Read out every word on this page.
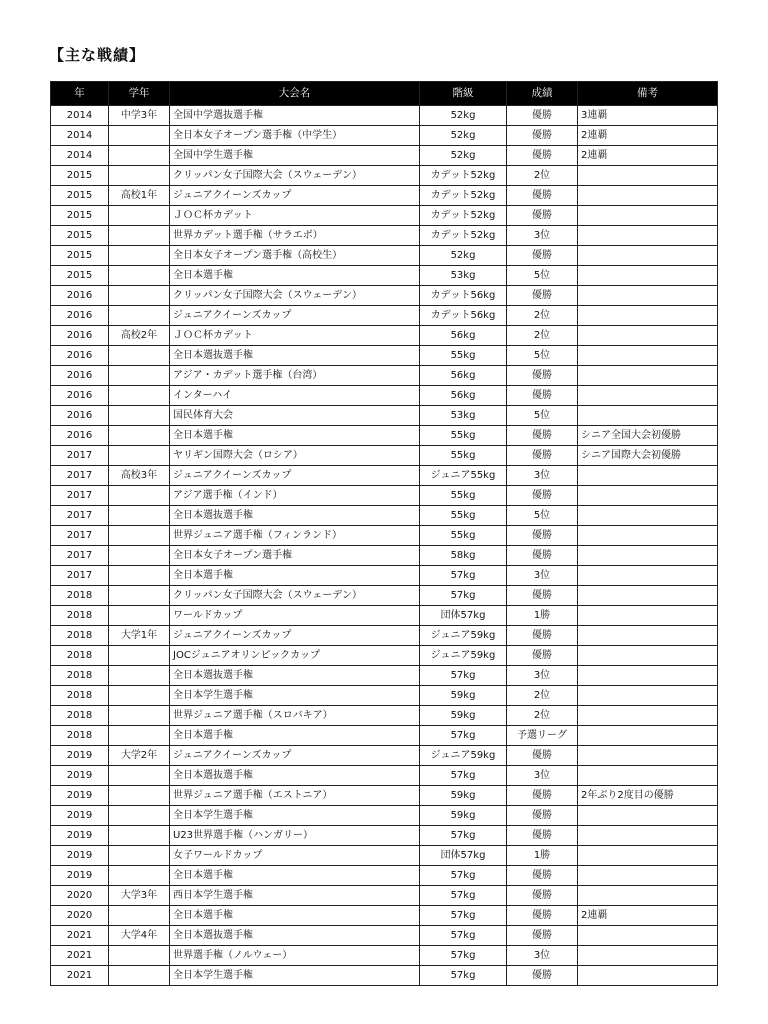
【主な戦績】
年	学年	大会名	階級	成績	備考
2014	中学3年	全国中学選抜選手権	52kg	優勝	3連覇
2014		全日本女子オープン選手権（中学生）	52kg	優勝	2連覇
2014		全国中学生選手権	52kg	優勝	2連覇
2015		クリッパン女子国際大会（スウェーデン）	カデット52kg	2位	
2015	高校1年	ジュニアクイーンズカップ	カデット52kg	優勝	
2015		ＪＯＣ杯カデット	カデット52kg	優勝	
2015		世界カデット選手権（サラエボ）	カデット52kg	3位	
2015		全日本女子オープン選手権（高校生）	52kg	優勝	
2015		全日本選手権	53kg	5位	
2016		クリッパン女子国際大会（スウェーデン）	カデット56kg	優勝	
2016		ジュニアクイーンズカップ	カデット56kg	2位	
2016	高校2年	ＪＯＣ杯カデット	56kg	2位	
2016		全日本選抜選手権	55kg	5位	
2016		アジア・カデット選手権（台湾）	56kg	優勝	
2016		インターハイ	56kg	優勝	
2016		国民体育大会	53kg	5位	
2016		全日本選手権	55kg	優勝	シニア全国大会初優勝
2017		ヤリギン国際大会（ロシア）	55kg	優勝	シニア国際大会初優勝
2017	高校3年	ジュニアクイーンズカップ	ジュニア55kg	3位	
2017		アジア選手権（インド）	55kg	優勝	
2017		全日本選抜選手権	55kg	5位	
2017		世界ジュニア選手権（フィンランド）	55kg	優勝	
2017		全日本女子オープン選手権	58kg	優勝	
2017		全日本選手権	57kg	3位	
2018		クリッパン女子国際大会（スウェーデン）	57kg	優勝	
2018		ワールドカップ	団体57kg	1勝	
2018	大学1年	ジュニアクイーンズカップ	ジュニア59kg	優勝	
2018		JOCジュニアオリンピックカップ	ジュニア59kg	優勝	
2018		全日本選抜選手権	57kg	3位	
2018		全日本学生選手権	59kg	2位	
2018		世界ジュニア選手権（スロバキア）	59kg	2位	
2018		全日本選手権	57kg	予選リーグ	
2019	大学2年	ジュニアクイーンズカップ	ジュニア59kg	優勝	
2019		全日本選抜選手権	57kg	3位	
2019		世界ジュニア選手権（エストニア）	59kg	優勝	2年ぶり2度目の優勝
2019		全日本学生選手権	59kg	優勝	
2019		U23世界選手権（ハンガリー）	57kg	優勝	
2019		女子ワールドカップ	団体57kg	1勝	
2019		全日本選手権	57kg	優勝	
2020	大学3年	西日本学生選手権	57kg	優勝	
2020		全日本選手権	57kg	優勝	2連覇
2021	大学4年	全日本選抜選手権	57kg	優勝	
2021		世界選手権（ノルウェー）	57kg	3位	
2021		全日本学生選手権	57kg	優勝	
